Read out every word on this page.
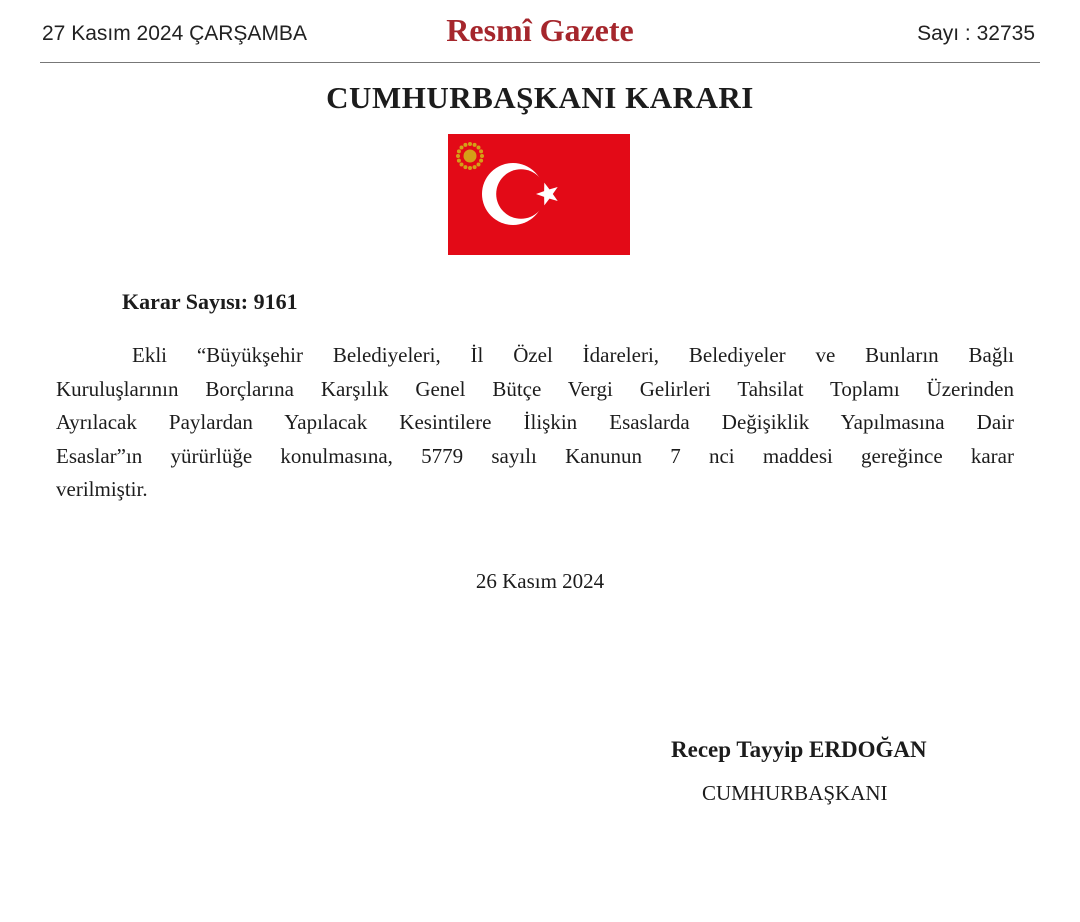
27 Kasım 2024 ÇARŞAMBA	Resmî Gazete	Sayı : 32735
CUMHURBAŞKANI KARARI
Karar Sayısı: 9161
Ekli “Büyükşehir Belediyeleri, İl Özel İdareleri, Belediyeler ve Bunların Bağlı
Kuruluşlarının Borçlarına Karşılık Genel Bütçe Vergi Gelirleri Tahsilat Toplamı Üzerinden
Ayrılacak Paylardan Yapılacak Kesintilere İlişkin Esaslarda Değişiklik Yapılmasına Dair
Esaslar”ın yürürlüğe konulmasına, 5779 sayılı Kanunun 7 nci maddesi gereğince karar
verilmiştir.
26 Kasım 2024
Recep Tayyip ERDOĞAN
CUMHURBAŞKANI
